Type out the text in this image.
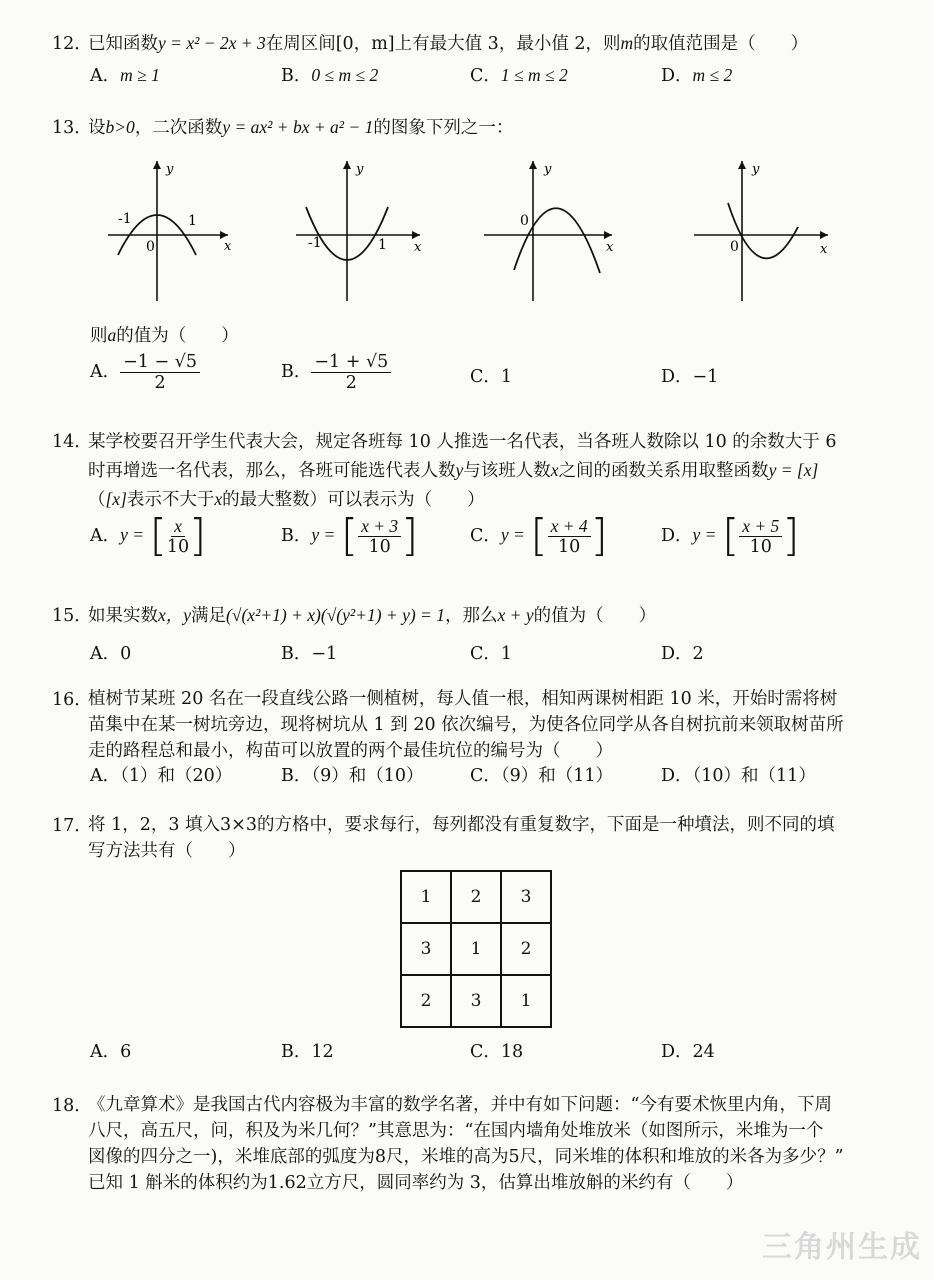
12．
已知函数y = x² − 2x + 3在周区间[0，m]上有最大值 3，最小值 2，则m的取值范围是（　　）
A．m ≥ 1	B．0 ≤ m ≤ 2	C．1 ≤ m ≤ 2	D．m ≤ 2
13．
设b>0，二次函数y = ax² + bx + a² − 1的图象下列之一：
y
x
-1	1
0
y
x
-1	1
y
x
0
y
x
0
则a的值为（　　）
A． $\frac{-1 - √5}{2}$	B． $\frac{-1 + √5}{2}$	C．1	D．−1
14．
某学校要召开学生代表大会，规定各班每 10 人推选一名代表，当各班人数除以 10 的余数大于 6
时再增选一名代表，那么，各班可能选代表人数y与该班人数x之间的函数关系用取整函数y = [x]
（[x]表示不大于x的最大整数）可以表示为（　　）
A．y = [ $\frac{x}{10}$ ]	B．y = [ $\frac{x + 3}{10}$ ]	C．y = [ $\frac{x + 4}{10}$ ]	D．y = [ $\frac{x + 5}{10}$ ]
15．
如果实数x，y满足(√(x²+1) + x)(√(y²+1) + y) = 1，那么x + y的值为（　　）
A．0	B．−1	C．1	D．2
16．
植树节某班 20 名在一段直线公路一侧植树，每人值一根，相知两课树相距 10 米，开始时需将树
苗集中在某一树坑旁边，现将树坑从 1 到 20 依次编号，为使各位同学从各自树抗前来领取树苗所
走的路程总和最小，构苗可以放置的两个最佳坑位的编号为（　　）
A．（1）和（20）	B．（9）和（10）	C．（9）和（11）	D．（10）和（11）
17．
将 1，2，3 填入3×3的方格中，要求每行，每列都没有重复数字，下面是一种墳法，则不同的填
写方法共有（　　）
1	2	3
3	1	2
2	3	1
A．6	B．12	C．18	D．24
18．
《九章算术》是我国古代内容极为丰富的数学名著，并中有如下问题：“今有要术恢里内角，下周
八尺，高五尺，问，积及为米几何？”其意思为：“在国内墙角处堆放米（如图所示，米堆为一个
図像的四分之一)，米堆底部的弧度为8尺，米堆的高为5尺，同米堆的体积和堆放的米各为多少？”
已知 1 斛米的体积约为1.62立方尺，圆同率约为 3，估算出堆放斛的米约有（　　）
三角州生成
